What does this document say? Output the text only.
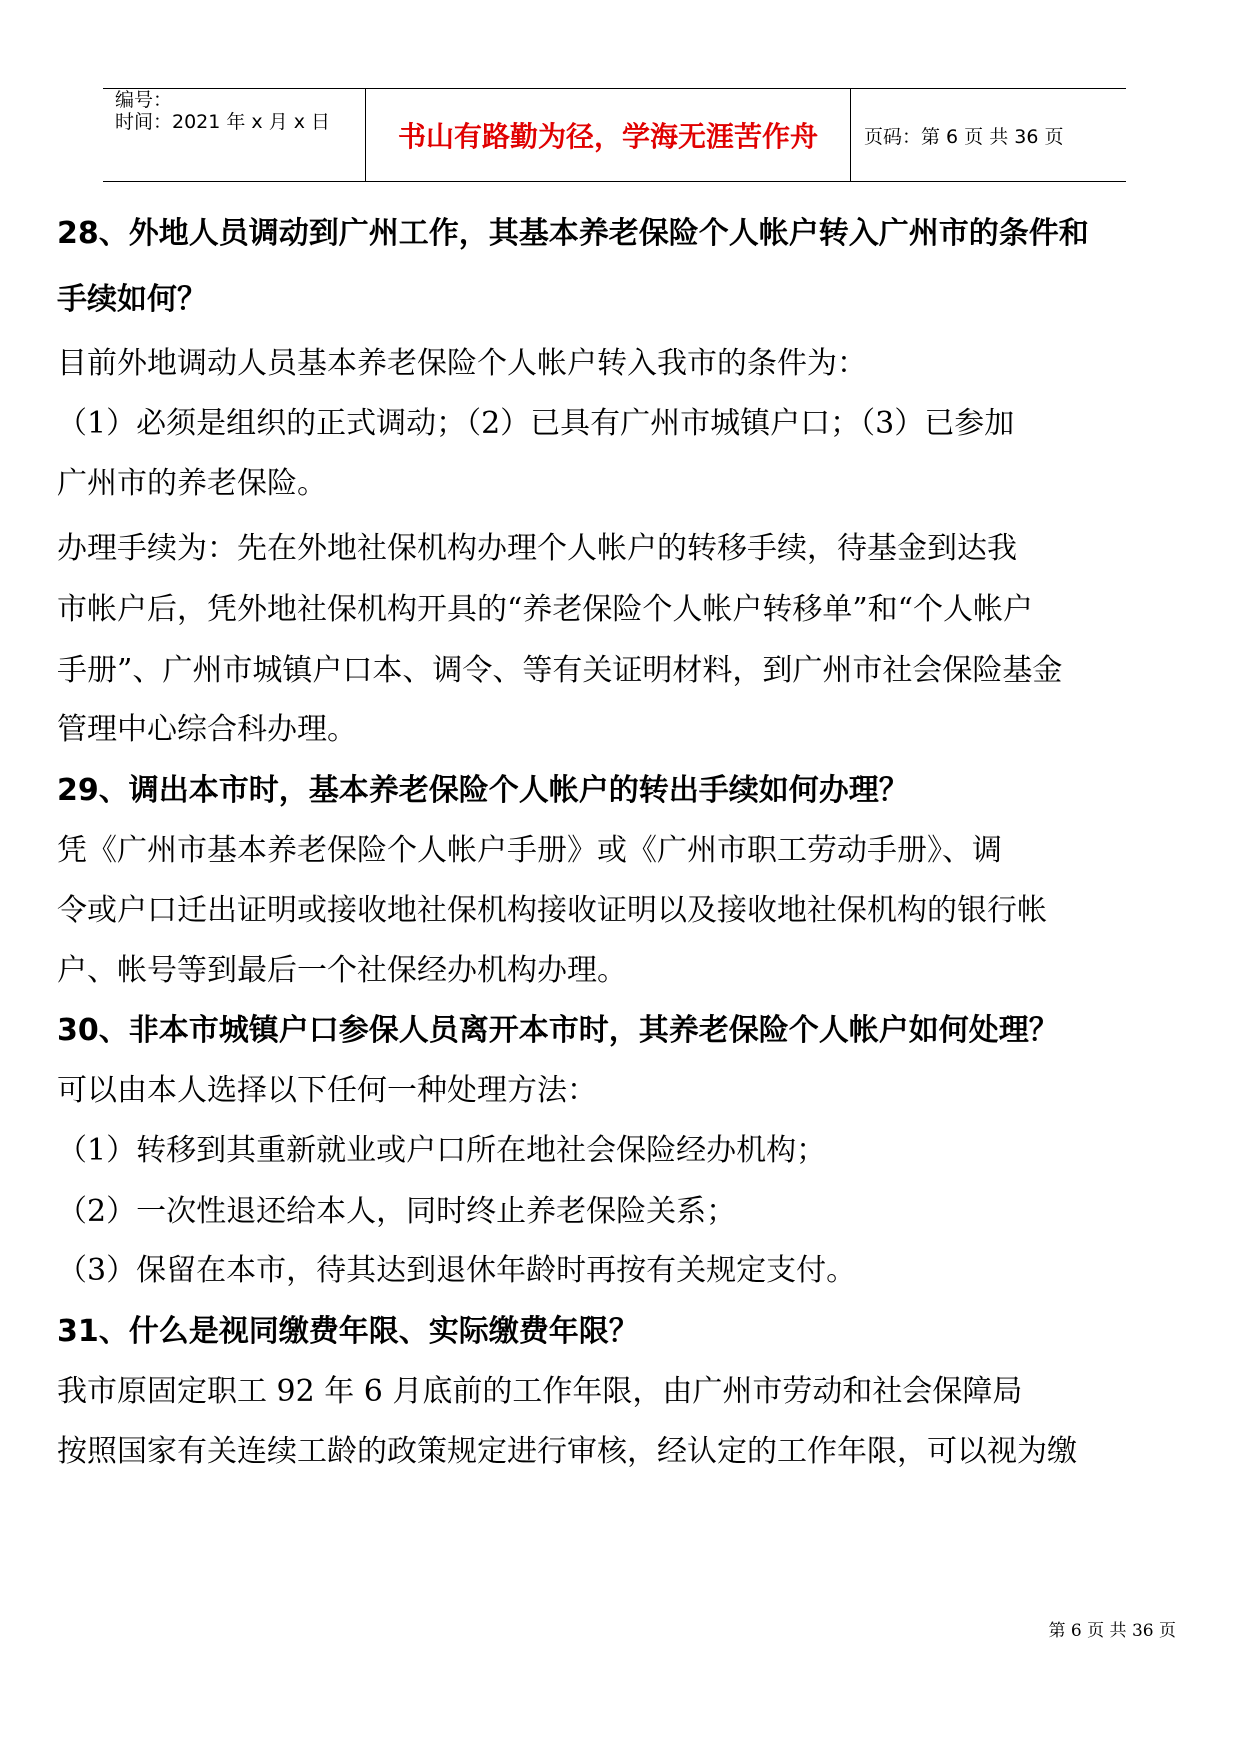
编号：
时间：2021 年 x 月 x 日	书山有路勤为径，学海无涯苦作舟	页码：第 6 页 共 36 页
28、外地人员调动到广州工作，其基本养老保险个人帐户转入广州市的条件和
手续如何？
目前外地调动人员基本养老保险个人帐户转入我市的条件为：
（1）必须是组织的正式调动；（2）已具有广州市城镇户口；（3）已参加
广州市的养老保险。
办理手续为：先在外地社保机构办理个人帐户的转移手续，待基金到达我
市帐户后，凭外地社保机构开具的“养老保险个人帐户转移单”和“个人帐户
手册”、广州市城镇户口本、调令、等有关证明材料，到广州市社会保险基金
管理中心综合科办理。
29、调出本市时，基本养老保险个人帐户的转出手续如何办理？
凭《广州市基本养老保险个人帐户手册》或《广州市职工劳动手册》、调
令或户口迁出证明或接收地社保机构接收证明以及接收地社保机构的银行帐
户、帐号等到最后一个社保经办机构办理。
30、非本市城镇户口参保人员离开本市时，其养老保险个人帐户如何处理？
可以由本人选择以下任何一种处理方法：
（1）转移到其重新就业或户口所在地社会保险经办机构；
（2）一次性退还给本人，同时终止养老保险关系；
（3）保留在本市，待其达到退休年龄时再按有关规定支付。
31、什么是视同缴费年限、实际缴费年限？
我市原固定职工 92 年 6 月底前的工作年限，由广州市劳动和社会保障局
按照国家有关连续工龄的政策规定进行审核，经认定的工作年限，可以视为缴
第 6 页 共 36 页
